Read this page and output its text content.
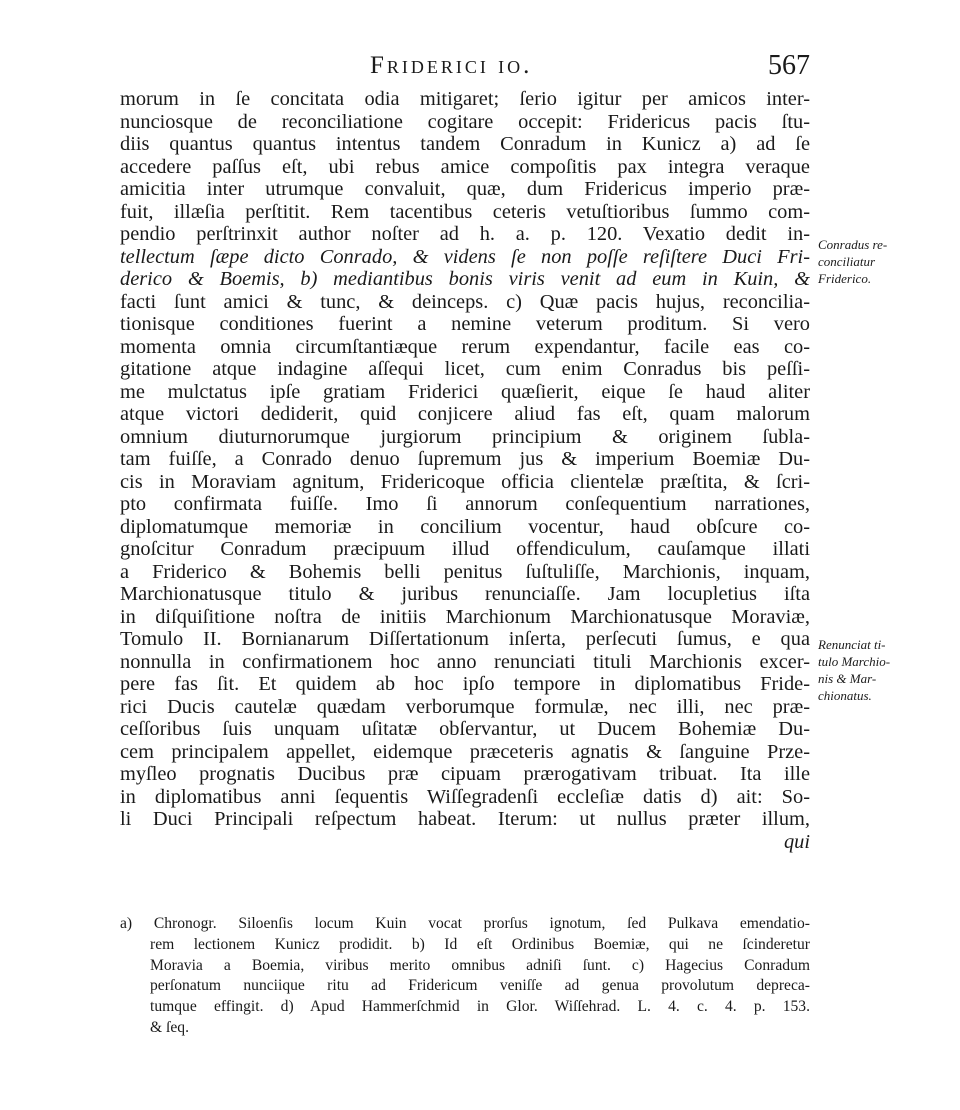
Friderici io.	567
morum in ſe concitata odia mitigaret; ſerio igitur per amicos inter-
nunciosque de reconciliatione cogitare occepit: Fridericus pacis ſtu-
diis quantus quantus intentus tandem Conradum in Kunicz a) ad ſe
accedere paſſus eſt, ubi rebus amice compoſitis pax integra veraque
amicitia inter utrumque convaluit, quæ, dum Fridericus imperio præ-
fuit, illæſia perſtitit. Rem tacentibus ceteris vetuſtioribus ſummo com-
pendio perſtrinxit author noſter ad h. a. p. 120. Vexatio dedit in-
tellectum ſæpe dicto Conrado, & videns ſe non poſſe reſiſtere Duci Fri-
derico & Boemis, b) mediantibus bonis viris venit ad eum in Kuin, &
facti ſunt amici & tunc, & deinceps. c) Quæ pacis hujus, reconcilia-
tionisque conditiones fuerint a nemine veterum proditum. Si vero
momenta omnia circumſtantiæque rerum expendantur, facile eas co-
gitatione atque indagine aſſequi licet, cum enim Conradus bis peſſi-
me mulctatus ipſe gratiam Friderici quæſierit, eique ſe haud aliter
atque victori dediderit, quid conjicere aliud fas eſt, quam malorum
omnium diuturnorumque jurgiorum principium & originem ſubla-
tam fuiſſe, a Conrado denuo ſupremum jus & imperium Boemiæ Du-
cis in Moraviam agnitum, Fridericoque officia clientelæ præſtita, & ſcri-
pto confirmata fuiſſe. Imo ſi annorum conſequentium narrationes,
diplomatumque memoriæ in concilium vocentur, haud obſcure co-
gnoſcitur Conradum præcipuum illud offendiculum, cauſamque illati
a Friderico & Bohemis belli penitus ſuſtuliſſe, Marchionis, inquam,
Marchionatusque titulo & juribus renunciaſſe. Jam locupletius iſta
in diſquiſitione noſtra de initiis Marchionum Marchionatusque Moraviæ,
Tomulo II. Bornianarum Diſſertationum inſerta, perſecuti ſumus, e qua
nonnulla in confirmationem hoc anno renunciati tituli Marchionis excer-
pere fas ſit. Et quidem ab hoc ipſo tempore in diplomatibus Fride-
rici Ducis cautelæ quædam verborumque formulæ, nec illi, nec præ-
ceſſoribus ſuis unquam uſitatæ obſervantur, ut Ducem Bohemiæ Du-
cem principalem appellet, eidemque præceteris agnatis & ſanguine Prze-
myſleo prognatis Ducibus præ cipuam prærogativam tribuat. Ita ille
in diplomatibus anni ſequentis Wiſſegradenſi eccleſiæ datis d) ait: So-
li Duci Principali reſpectum habeat. Iterum: ut nullus præter illum,
qui
Conradus re-
conciliatur
Friderico.
Renunciat ti-
tulo Marchio-
nis & Mar-
chionatus.
a) Chronogr. Siloenſis locum Kuin vocat prorſus ignotum, ſed Pulkava emendatio-
rem lectionem Kunicz prodidit. b) Id eſt Ordinibus Boemiæ, qui ne ſcinderetur
Moravia a Boemia, viribus merito omnibus adniſi ſunt. c) Hagecius Conradum
perſonatum nunciique ritu ad Fridericum veniſſe ad genua provolutum depreca-
tumque effingit. d) Apud Hammerſchmid in Glor. Wiſſehrad. L. 4. c. 4. p. 153.
& ſeq.
